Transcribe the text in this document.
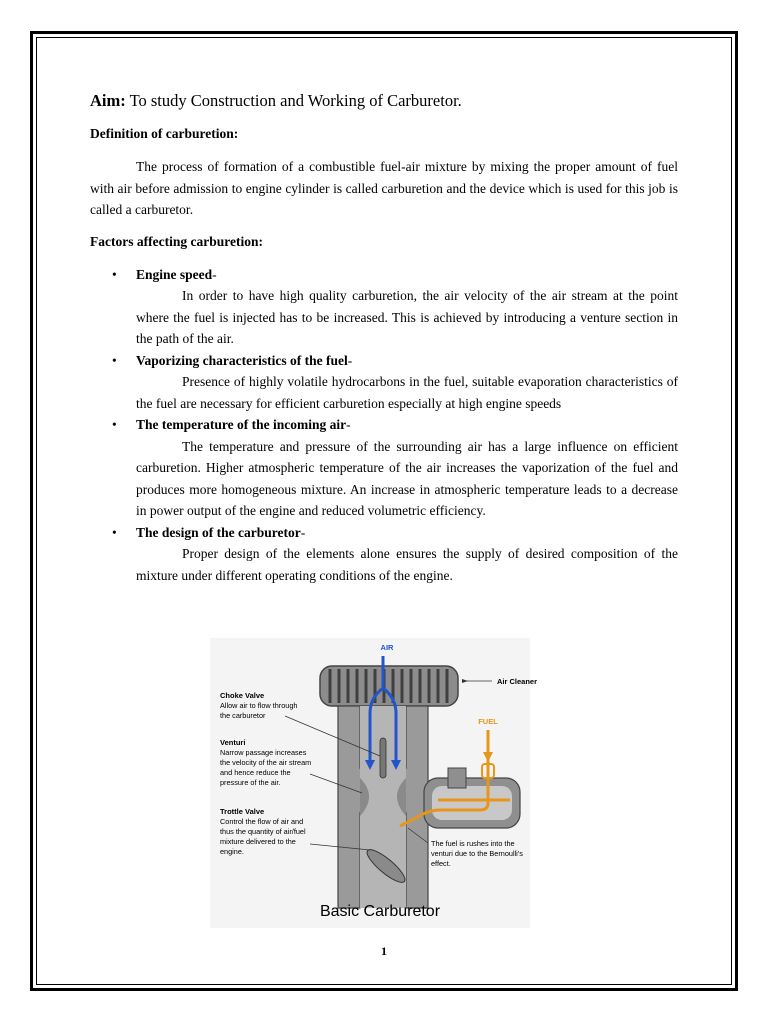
Aim: To study Construction and Working of Carburetor.

Definition of carburetion:

The process of formation of a combustible fuel-air mixture by mixing the proper amount of fuel with air before admission to engine cylinder is called carburetion and the device which is used for this job is called a carburetor.

Factors affecting carburetion:

• Engine speed-
In order to have high quality carburetion, the air velocity of the air stream at the point where the fuel is injected has to be increased. This is achieved by introducing a venture section in the path of the air.
• Vaporizing characteristics of the fuel-
Presence of highly volatile hydrocarbons in the fuel, suitable evaporation characteristics of the fuel are necessary for efficient carburetion especially at high engine speeds
• The temperature of the incoming air-
The temperature and pressure of the surrounding air has a large influence on efficient carburetion. Higher atmospheric temperature of the air increases the vaporization of the fuel and produces more homogeneous mixture. An increase in atmospheric temperature leads to a decrease in power output of the engine and reduced volumetric efficiency.
• The design of the carburetor-
Proper design of the elements alone ensures the supply of desired composition of the mixture under different operating conditions of the engine.
AIR
Air Cleaner
FUEL
Choke Valve
Allow air to flow through
the carburetor
Venturi
Narrow passage increases
the velocity of the air stream
and hence reduce the
pressure of the air.
Trottle Valve
Control the flow of air and
thus the quantity of air/fuel
mixture delivered to the
engine.
The fuel is rushes into the
venturi due to the Bernoulli's
effect.
Basic Carburetor
1
